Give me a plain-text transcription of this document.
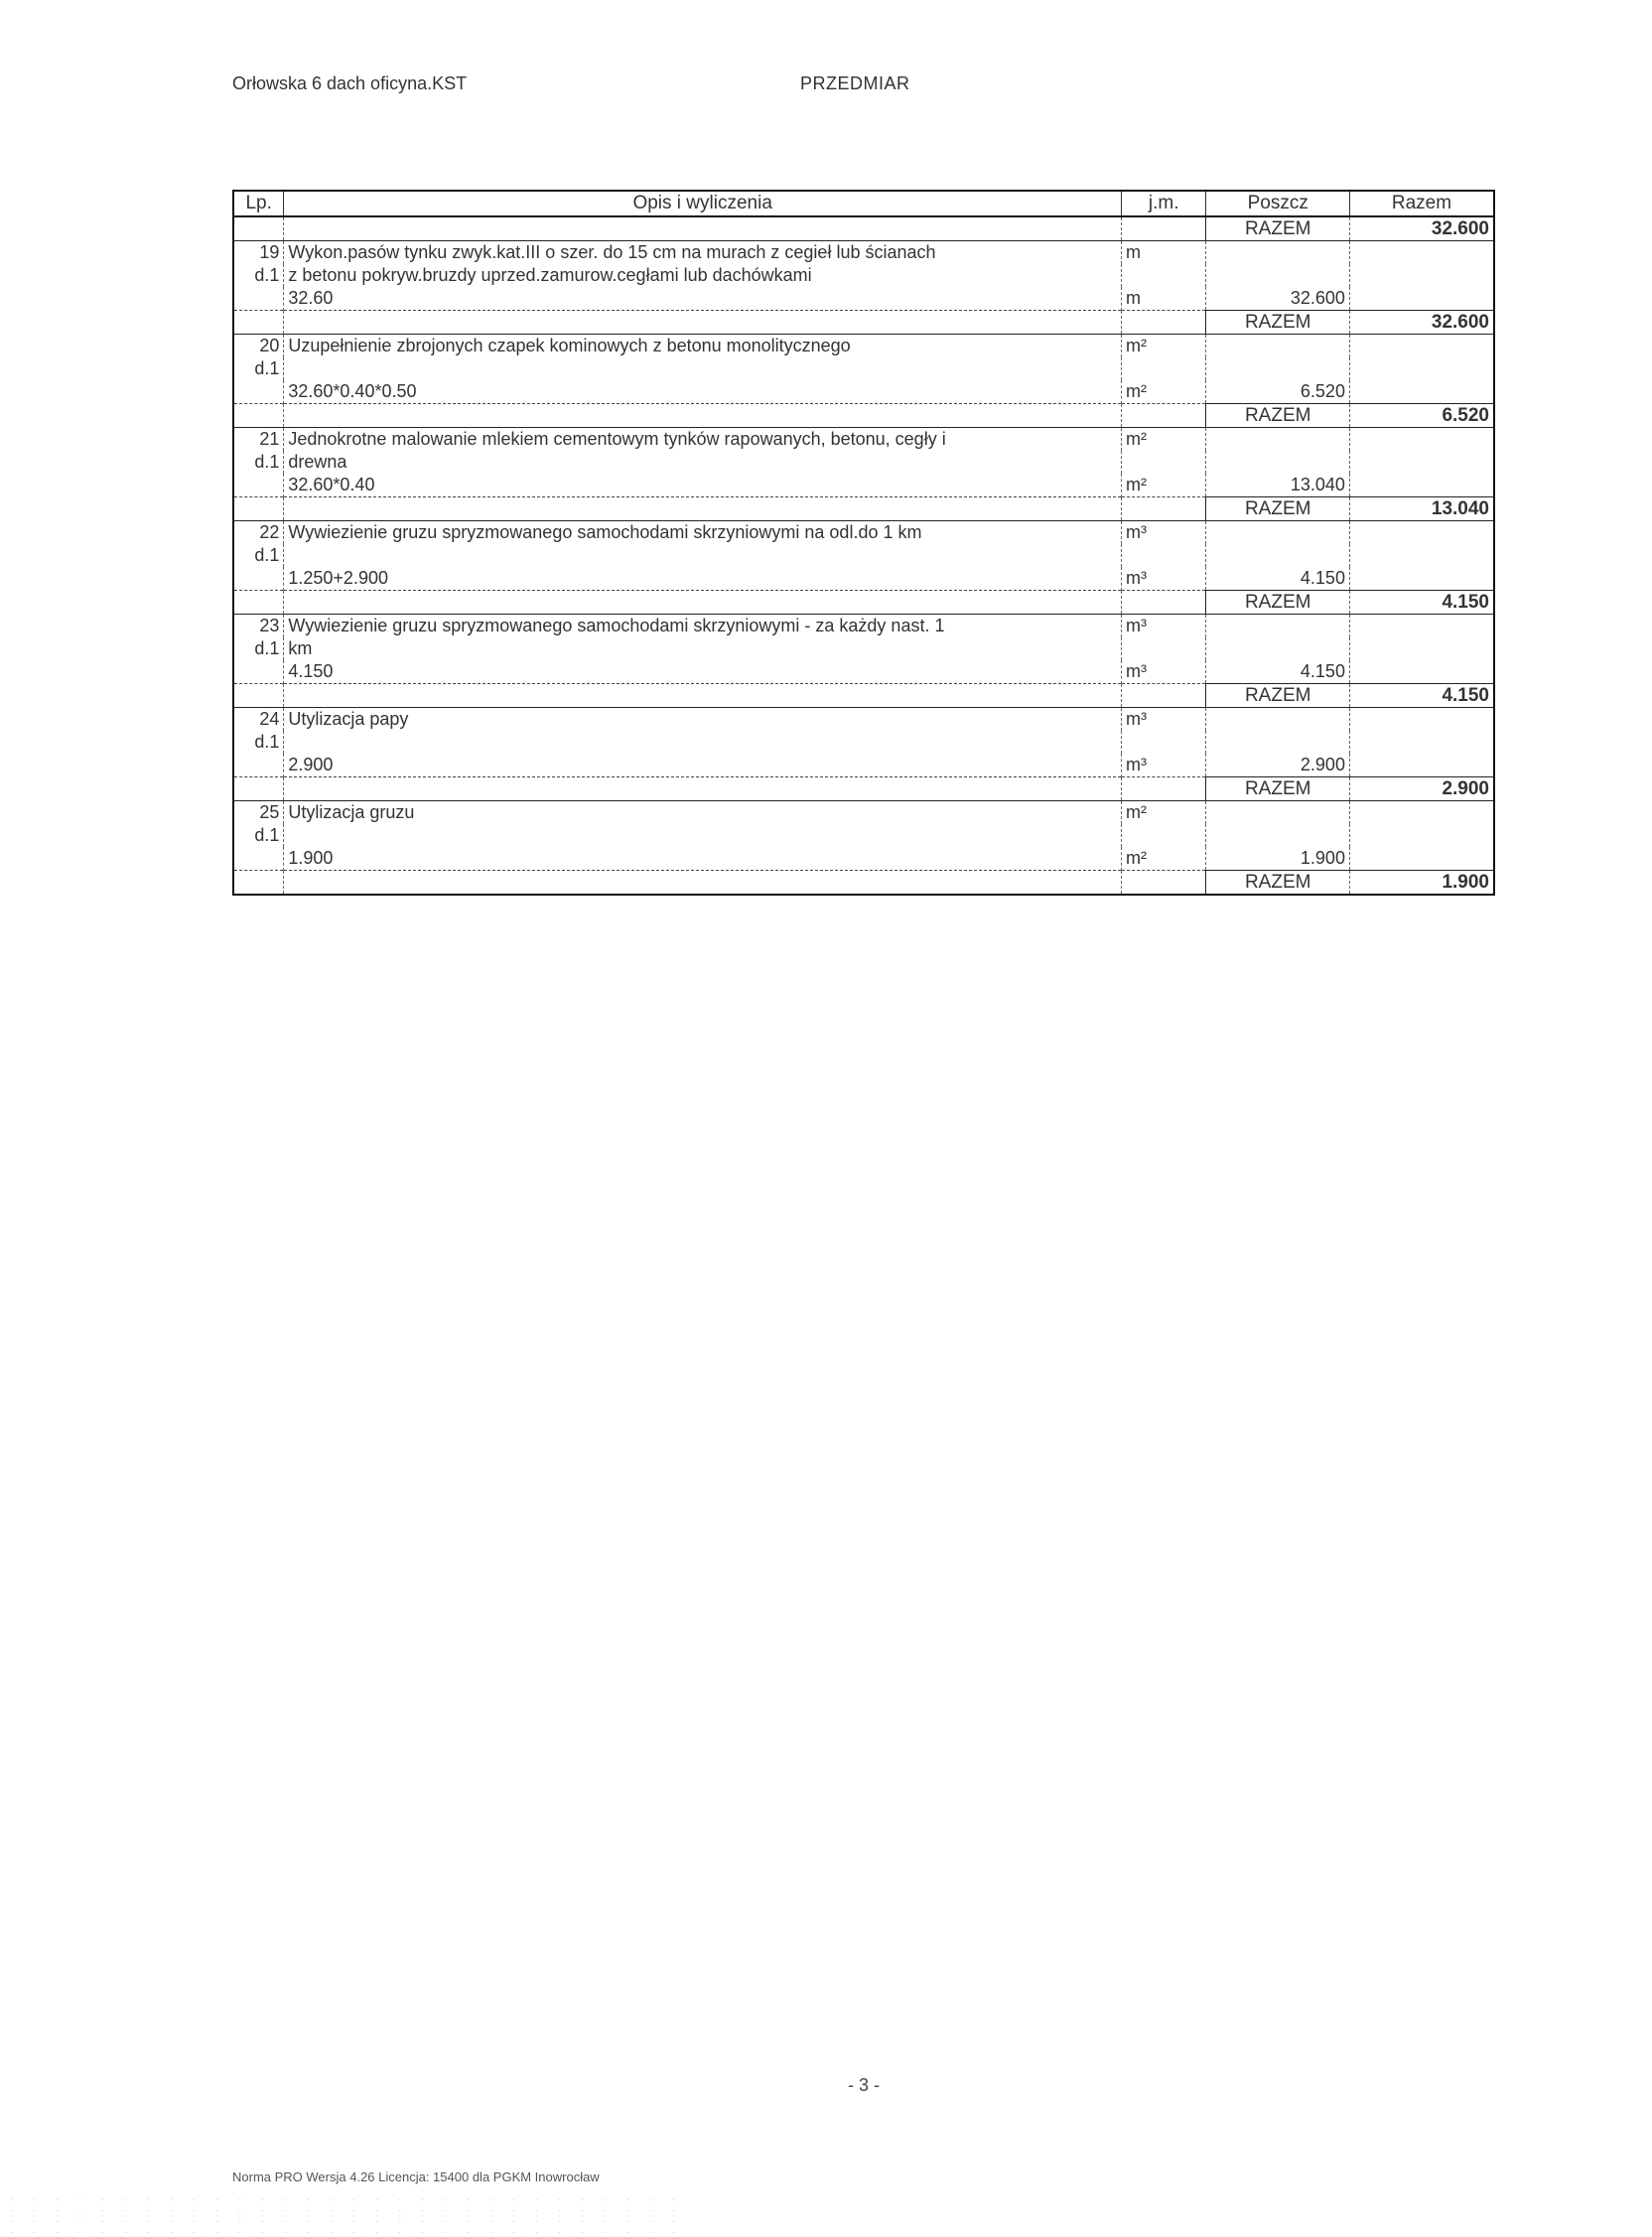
Orłowska 6 dach oficyna.KST	PRZEDMIAR
Lp.	Opis i wyliczenia	j.m.	Poszcz	Razem
			RAZEM	32.600
19	Wykon.pasów tynku zwyk.kat.III o szer. do 15 cm na murach z cegieł lub ścianach	m		
d.1	z betonu pokryw.bruzdy uprzed.zamurow.cegłami lub dachówkami			
	32.60	m	32.600	
			RAZEM	32.600
20	Uzupełnienie zbrojonych czapek kominowych z betonu monolitycznego	m²		
d.1				
	32.60*0.40*0.50	m²	6.520	
			RAZEM	6.520
21	Jednokrotne malowanie mlekiem cementowym tynków rapowanych, betonu, cegły i	m²		
d.1	drewna			
	32.60*0.40	m²	13.040	
			RAZEM	13.040
22	Wywiezienie gruzu spryzmowanego samochodami skrzyniowymi na odl.do 1 km	m³		
d.1				
	1.250+2.900	m³	4.150	
			RAZEM	4.150
23	Wywiezienie gruzu spryzmowanego samochodami skrzyniowymi - za każdy nast. 1	m³		
d.1	km			
	4.150	m³	4.150	
			RAZEM	4.150
24	Utylizacja papy	m³		
d.1				
	2.900	m³	2.900	
			RAZEM	2.900
25	Utylizacja gruzu	m²		
d.1				
	1.900	m²	1.900	
			RAZEM	1.900
- 3 -
Norma PRO Wersja 4.26 Licencja: 15400 dla PGKM Inowrocław
